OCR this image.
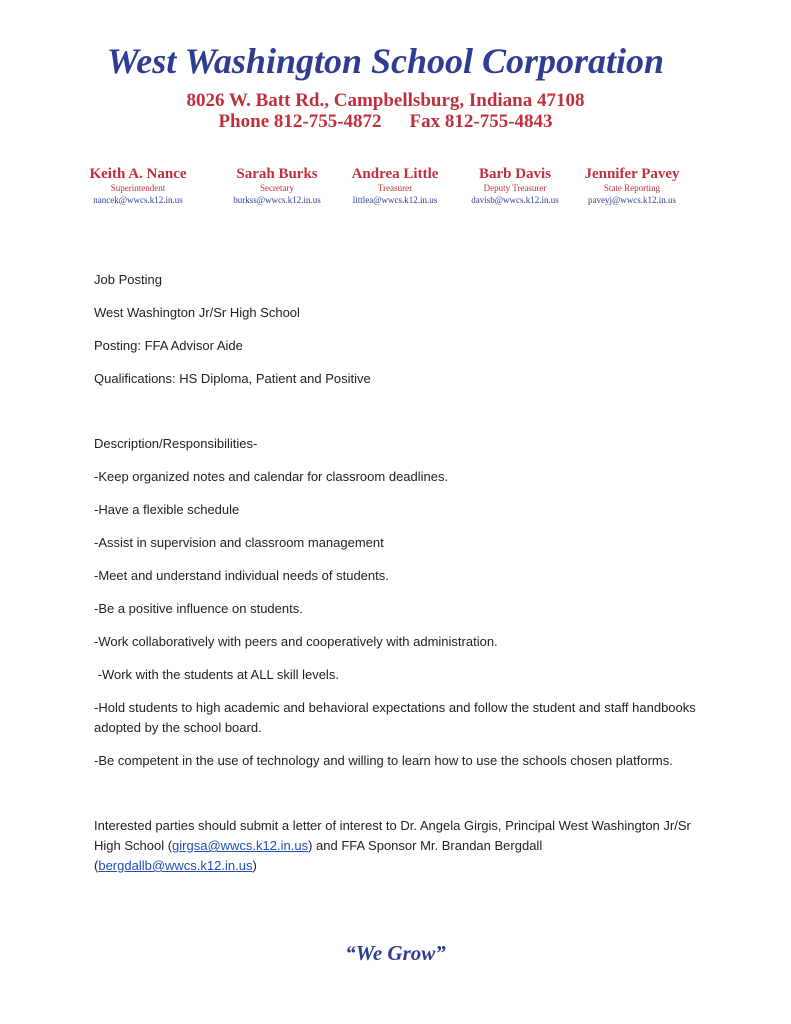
West Washington School Corporation
8026 W. Batt Rd., Campbellsburg, Indiana 47108
Phone 812-755-4872 Fax 812-755-4843
Keith A. Nance
Superintendent
nancek@wwcs.k12.in.us
Sarah Burks
Secretary
burkss@wwcs.k12.in.us
Andrea Little
Treasurer
littlea@wwcs.k12.in.us
Barb Davis
Deputy Treasurer
davisb@wwcs.k12.in.us
Jennifer Pavey
State Reporting
paveyj@wwcs.k12.in.us
Job Posting
West Washington Jr/Sr High School
Posting: FFA Advisor Aide
Qualifications: HS Diploma, Patient and Positive
Description/Responsibilities-
-Keep organized notes and calendar for classroom deadlines.
-Have a flexible schedule
-Assist in supervision and classroom management
-Meet and understand individual needs of students.
-Be a positive influence on students.
-Work collaboratively with peers and cooperatively with administration.
-Work with the students at ALL skill levels.
-Hold students to high academic and behavioral expectations and follow the student and staff handbooks adopted by the school board.
-Be competent in the use of technology and willing to learn how to use the schools chosen platforms.
Interested parties should submit a letter of interest to Dr. Angela Girgis, Principal West Washington Jr/Sr High School (girgsa@wwcs.k12.in.us) and FFA Sponsor Mr. Brandan Bergdall (bergdallb@wwcs.k12.in.us)
“We Grow”
